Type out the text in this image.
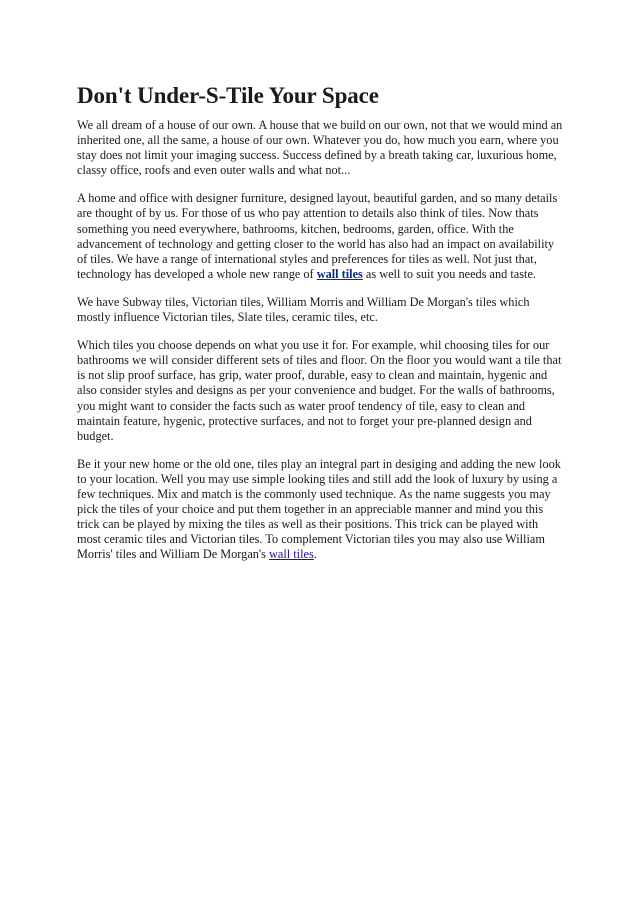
Don't Under-S-Tile Your Space

We all dream of a house of our own. A house that we build on our own, not that we would mind an inherited one, all the same, a house of our own. Whatever you do, how much you earn, where you stay does not limit your imaging success. Success defined by a breath taking car, luxurious home, classy office, roofs and even outer walls and what not...

A home and office with designer furniture, designed layout, beautiful garden, and so many details are thought of by us. For those of us who pay attention to details also think of tiles. Now thats something you need everywhere, bathrooms, kitchen, bedrooms, garden, office. With the advancement of technology and getting closer to the world has also had an impact on availability of tiles. We have a range of international styles and preferences for tiles as well. Not just that, technology has developed a whole new range of wall tiles as well to suit you needs and taste.

We have Subway tiles, Victorian tiles, William Morris and William De Morgan's tiles which mostly influence Victorian tiles, Slate tiles, ceramic tiles, etc.

Which tiles you choose depends on what you use it for. For example, whil choosing tiles for our bathrooms we will consider different sets of tiles and floor. On the floor you would want a tile that is not slip proof surface, has grip, water proof, durable, easy to clean and maintain, hygenic and also consider styles and designs as per your convenience and budget. For the walls of bathrooms, you might want to consider the facts such as water proof tendency of tile, easy to clean and maintain feature, hygenic, protective surfaces, and not to forget your pre-planned design and budget.

Be it your new home or the old one, tiles play an integral part in desiging and adding the new look to your location. Well you may use simple looking tiles and still add the look of luxury by using a few techniques. Mix and match is the commonly used technique. As the name suggests you may pick the tiles of your choice and put them together in an appreciable manner and mind you this trick can be played by mixing the tiles as well as their positions. This trick can be played with most ceramic tiles and Victorian tiles. To complement Victorian tiles you may also use William Morris' tiles and William De Morgan's wall tiles.
